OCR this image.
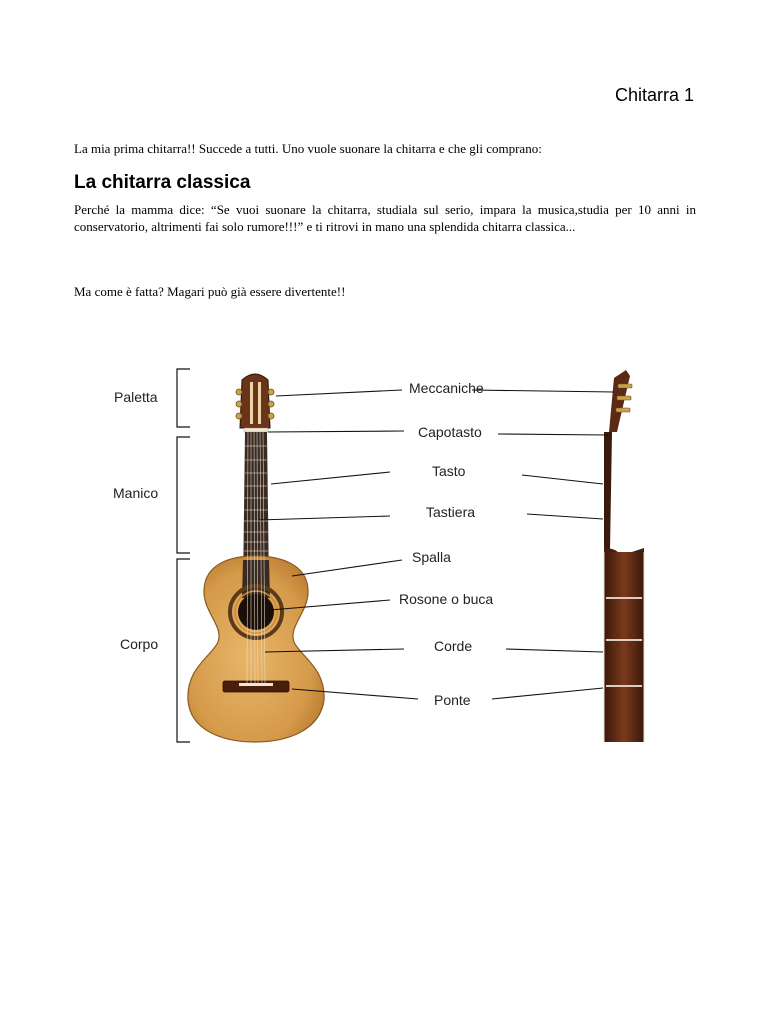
Chitarra 1
La mia prima chitarra!! Succede a tutti. Uno vuole suonare la chitarra e che gli comprano:
La chitarra classica
Perché la mamma dice: “Se vuoi suonare la chitarra, studiala sul serio, impara la musica,studia per 10 anni in conservatorio, altrimenti fai solo rumore!!!” e ti ritrovi in mano una splendida chitarra classica...
Ma come è fatta? Magari può già essere divertente!!
Paletta
Manico
Corpo
Meccaniche
Capotasto
Tasto
Tastiera
Spalla
Rosone o buca
Corde
Ponte
